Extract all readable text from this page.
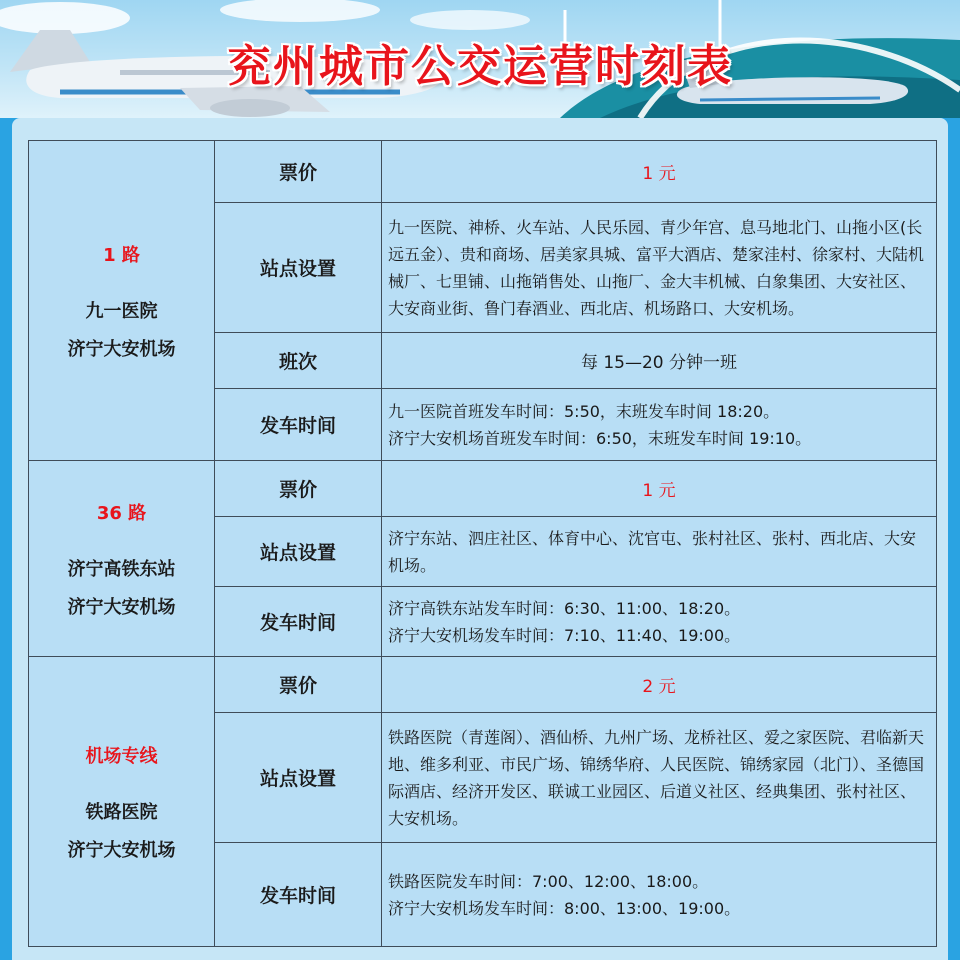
兖州城市公交运营时刻表
1 路
九一医院
济宁大安机场	票价	1 元
	站点设置	九一医院、神桥、火车站、人民乐园、青少年宫、息马地北门、山拖小区(长远五金）、贵和商场、居美家具城、富平大酒店、楚家洼村、徐家村、大陆机械厂、七里铺、山拖销售处、山拖厂、金大丰机械、白象集团、大安社区、大安商业街、鲁门春酒业、西北店、机场路口、大安机场。
	班次	每 15—20 分钟一班
	发车时间	九一医院首班发车时间：5:50，末班发车时间 18:20。
济宁大安机场首班发车时间：6:50，末班发车时间 19:10。

36 路
济宁高铁东站
济宁大安机场	票价	1 元
	站点设置	济宁东站、泗庄社区、体育中心、沈官屯、张村社区、张村、西北店、大安机场。
	发车时间	济宁高铁东站发车时间：6:30、11:00、18:20。
济宁大安机场发车时间：7:10、11:40、19:00。

机场专线
铁路医院
济宁大安机场	票价	2 元
	站点设置	铁路医院（青莲阁）、酒仙桥、九州广场、龙桥社区、爱之家医院、君临新天地、维多利亚、市民广场、锦绣华府、人民医院、锦绣家园（北门）、圣德国际酒店、经济开发区、联诚工业园区、后道义社区、经典集团、张村社区、大安机场。
	发车时间	铁路医院发车时间：7:00、12:00、18:00。
济宁大安机场发车时间：8:00、13:00、19:00。
